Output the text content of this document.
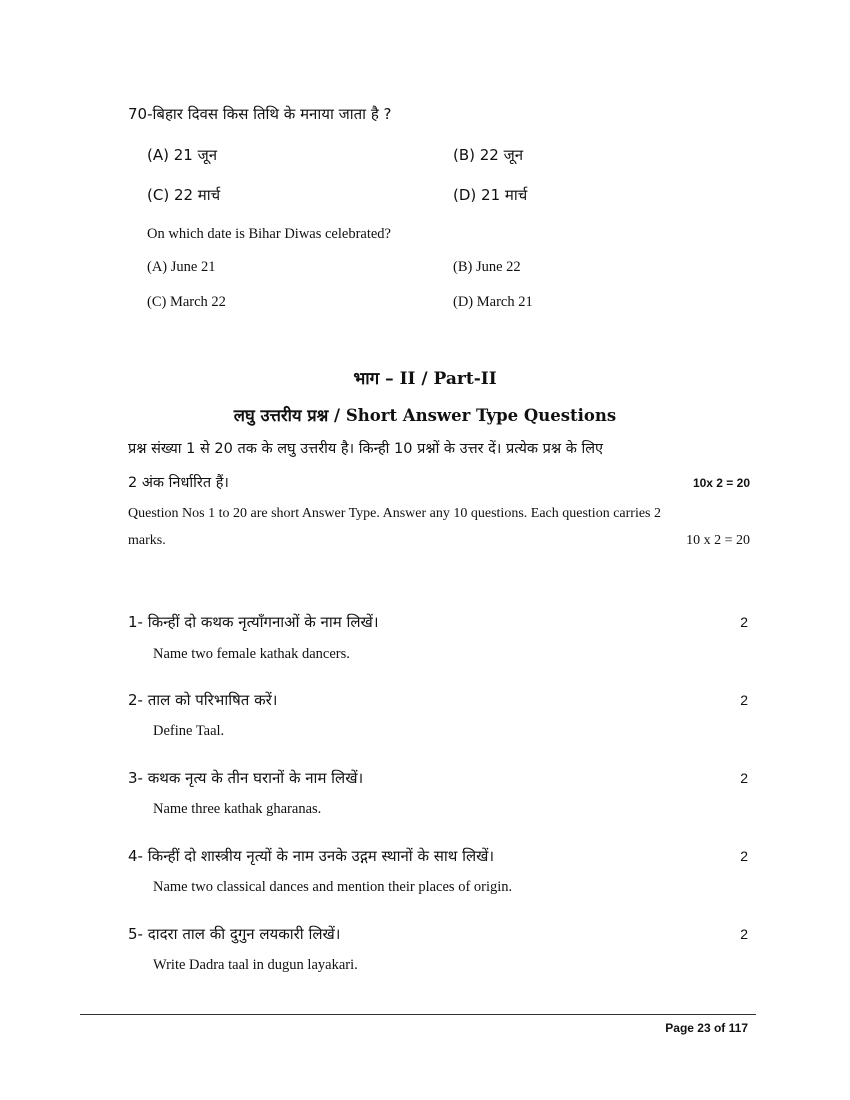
70-बिहार दिवस किस तिथि के मनाया जाता है ?
(A) 21 जून	(B) 22 जून
(C) 22 मार्च	(D) 21 मार्च
On which date is Bihar Diwas celebrated?
(A) June 21	(B) June 22
(C) March 22	(D) March 21
भाग – II / Part-II
लघु उत्तरीय प्रश्न / Short Answer Type Questions
प्रश्न संख्या 1 से 20 तक के लघु उत्तरीय है। किन्ही 10 प्रश्नों के उत्तर दें। प्रत्येक प्रश्न के लिए
2 अंक निर्धारित हैं।	10x 2 = 20
Question Nos 1 to 20 are short Answer Type. Answer any 10 questions. Each question carries 2
marks.	10 x 2 = 20
1- किन्हीं दो कथक नृत्याँगनाओं के नाम लिखें।	2
Name two female kathak dancers.
2- ताल को परिभाषित करें।	2
Define Taal.
3- कथक नृत्य के तीन घरानों के नाम लिखें।	2
Name three kathak gharanas.
4- किन्हीं दो शास्त्रीय नृत्यों के नाम उनके उद्गम स्थानों के साथ लिखें।	2
Name two classical dances and mention their places of origin.
5- दादरा ताल की दुगुन लयकारी लिखें।	2
Write Dadra taal in dugun layakari.
Page 23 of 117
